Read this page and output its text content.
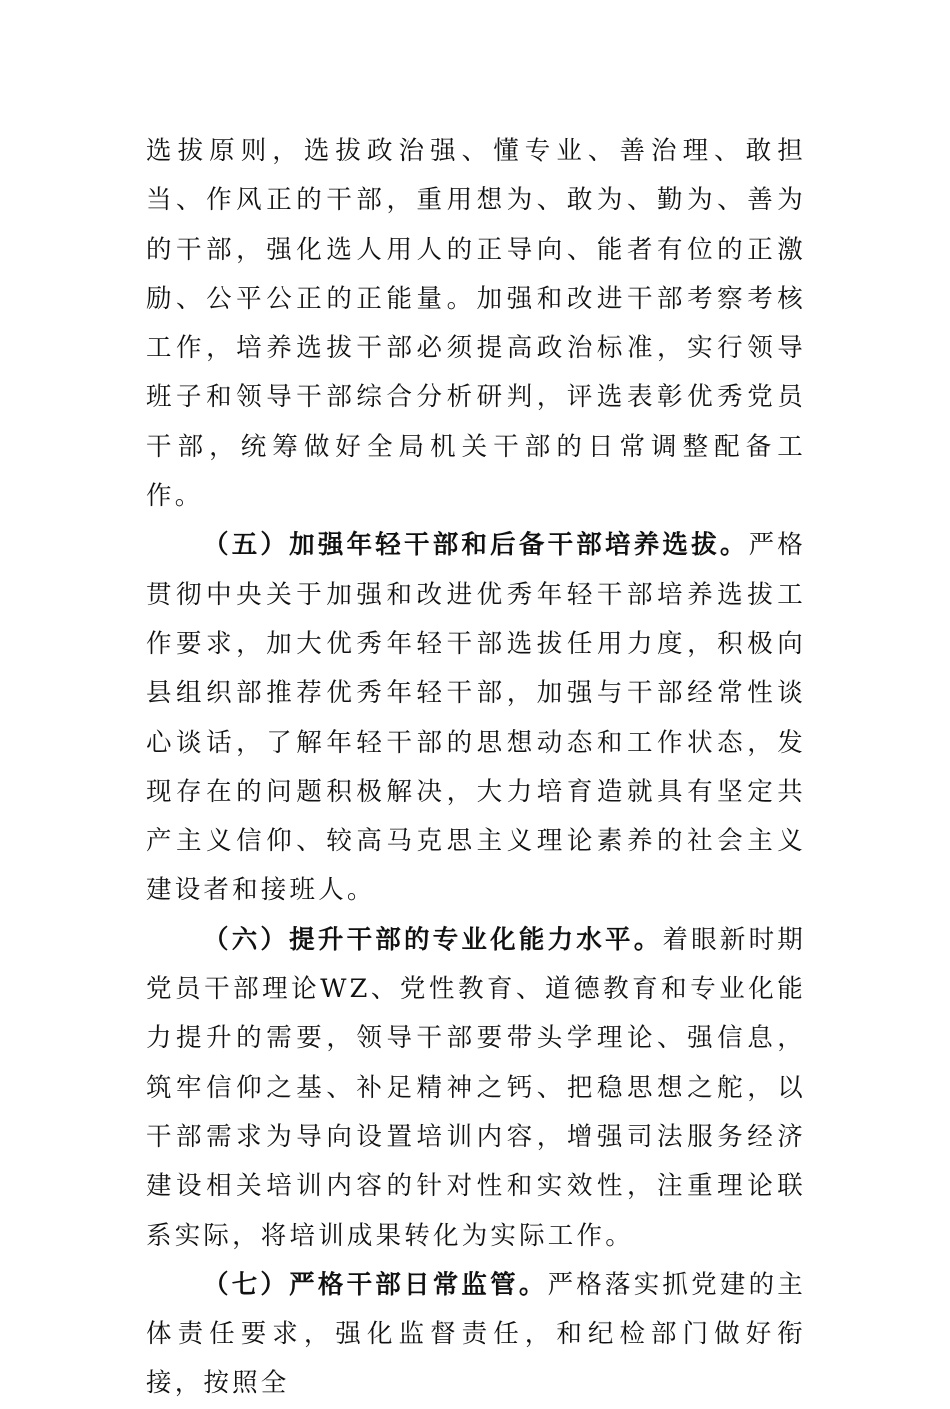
选拔原则，选拔政治强、懂专业、善治理、敢担当、作风正的干部，重用想为、敢为、勤为、善为的干部，强化选人用人的正导向、能者有位的正激励、公平公正的正能量。加强和改进干部考察考核工作，培养选拔干部必须提高政治标准，实行领导班子和领导干部综合分析研判，评选表彰优秀党员干部，统筹做好全局机关干部的日常调整配备工作。

（五）加强年轻干部和后备干部培养选拔。严格贯彻中央关于加强和改进优秀年轻干部培养选拔工作要求，加大优秀年轻干部选拔任用力度，积极向县组织部推荐优秀年轻干部，加强与干部经常性谈心谈话，了解年轻干部的思想动态和工作状态，发现存在的问题积极解决，大力培育造就具有坚定共产主义信仰、较高马克思主义理论素养的社会主义建设者和接班人。

（六）提升干部的专业化能力水平。着眼新时期党员干部理论WZ、党性教育、道德教育和专业化能力提升的需要，领导干部要带头学理论、强信息，筑牢信仰之基、补足精神之钙、把稳思想之舵，以干部需求为导向设置培训内容，增强司法服务经济建设相关培训内容的针对性和实效性，注重理论联系实际，将培训成果转化为实际工作。

（七）严格干部日常监管。严格落实抓党建的主体责任要求，强化监督责任，和纪检部门做好衔接，按照全
